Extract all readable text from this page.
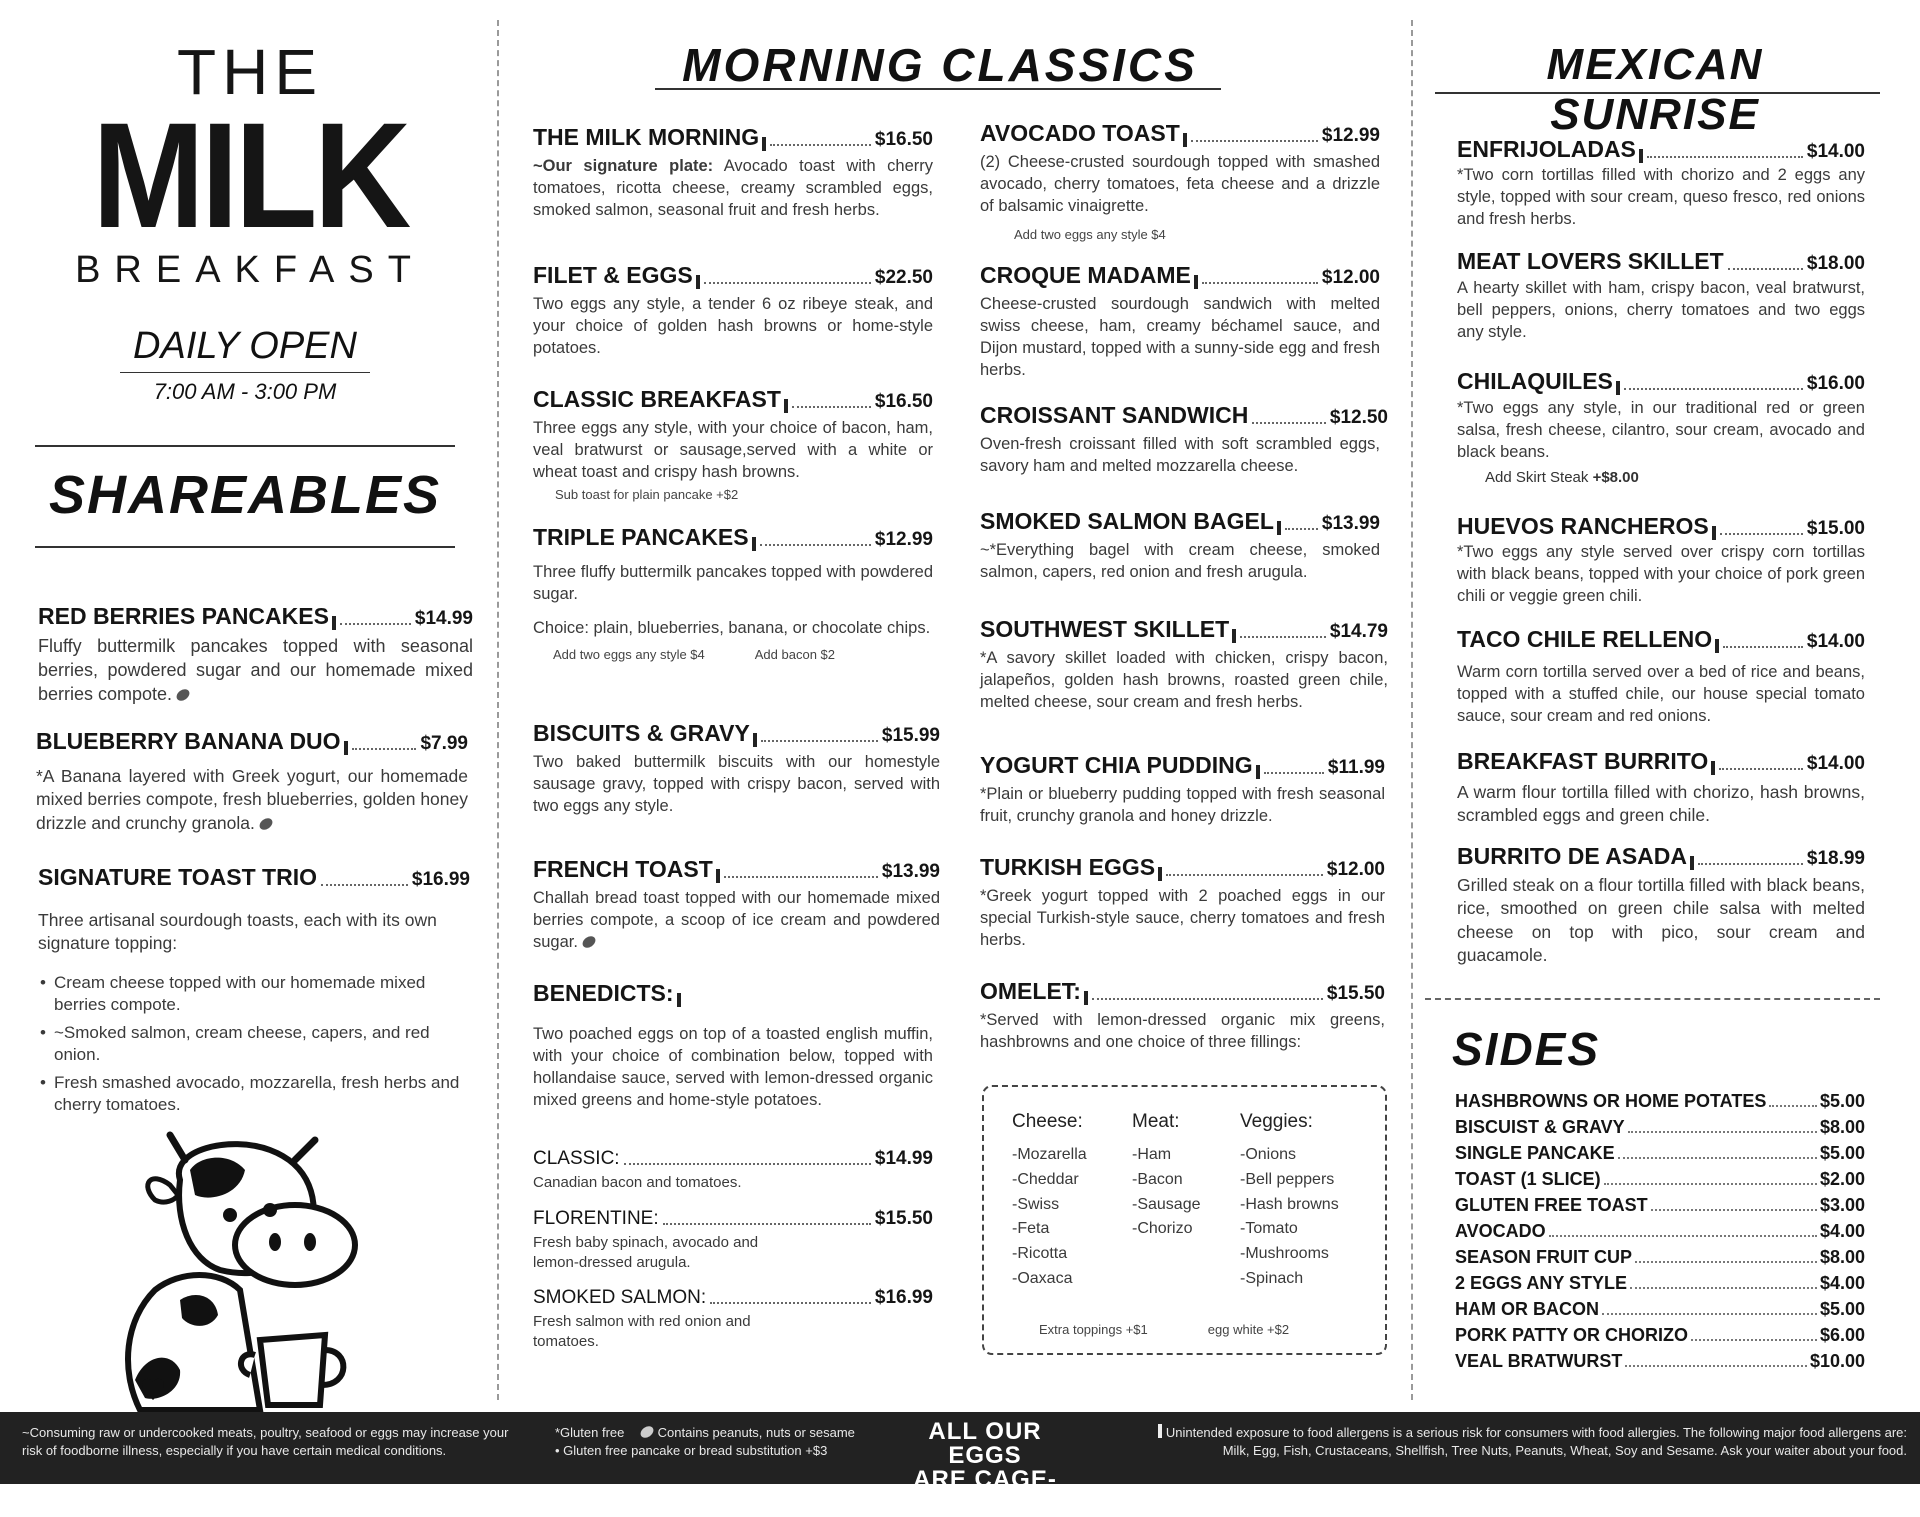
THE
MILK
BREAKFAST
DAILY OPEN
7:00 AM - 3:00 PM
SHAREABLES
RED BERRIES PANCAKES	$14.99
Fluffy buttermilk pancakes topped with seasonal berries, powdered sugar and our homemade mixed berries compote.
BLUEBERRY BANANA DUO	$7.99
*A Banana layered with Greek yogurt, our homemade mixed berries compote, fresh blueberries, golden honey drizzle and crunchy granola.
SIGNATURE TOAST TRIO	$16.99
Three artisanal sourdough toasts, each with its own signature topping:
• Cream cheese topped with our homemade mixed berries compote.
• ~Smoked salmon, cream cheese, capers, and red onion.
• Fresh smashed avocado, mozzarella, fresh herbs and cherry tomatoes.
MORNING CLASSICS
THE MILK MORNING	$16.50
~Our signature plate: Avocado toast with cherry tomatoes, ricotta cheese, creamy scrambled eggs, smoked salmon, seasonal fruit and fresh herbs.
FILET & EGGS	$22.50
Two eggs any style, a tender 6 oz ribeye steak, and your choice of golden hash browns or home-style potatoes.
CLASSIC BREAKFAST	$16.50
Three eggs any style, with your choice of bacon, ham, veal bratwurst or sausage,served with a white or wheat toast and crispy hash browns.
Sub toast for plain pancake +$2
TRIPLE PANCAKES	$12.99
Three fluffy buttermilk pancakes topped with powdered sugar.
Choice: plain, blueberries, banana, or chocolate chips.
Add two eggs any style $4	Add bacon $2
BISCUITS & GRAVY	$15.99
Two baked buttermilk biscuits with our homestyle sausage gravy, topped with crispy bacon, served with two eggs any style.
FRENCH TOAST	$13.99
Challah bread toast topped with our homemade mixed berries compote, a scoop of ice cream and powdered sugar.
BENEDICTS:
Two poached eggs on top of a toasted english muffin, with your choice of combination below, topped with hollandaise sauce, served with lemon-dressed organic mixed greens and home-style potatoes.
CLASSIC:	$14.99
Canadian bacon and tomatoes.
FLORENTINE:	$15.50
Fresh baby spinach, avocado and lemon-dressed arugula.
SMOKED SALMON:	$16.99
Fresh salmon with red onion and tomatoes.
AVOCADO TOAST	$12.99
(2) Cheese-crusted sourdough topped with smashed avocado, cherry tomatoes, feta cheese and a drizzle of balsamic vinaigrette.
Add two eggs any style $4
CROQUE MADAME	$12.00
Cheese-crusted sourdough sandwich with melted swiss cheese, ham, creamy béchamel sauce, and Dijon mustard, topped with a sunny-side egg and fresh herbs.
CROISSANT SANDWICH	$12.50
Oven-fresh croissant filled with soft scrambled eggs, savory ham and melted mozzarella cheese.
SMOKED SALMON BAGEL	$13.99
~*Everything bagel with cream cheese, smoked salmon, capers, red onion and fresh arugula.
SOUTHWEST SKILLET	$14.79
*A savory skillet loaded with chicken, crispy bacon, jalapeños, golden hash browns, roasted green chile, melted cheese, sour cream and fresh herbs.
YOGURT CHIA PUDDING	$11.99
*Plain or blueberry pudding topped with fresh seasonal fruit, crunchy granola and honey drizzle.
TURKISH EGGS	$12.00
*Greek yogurt topped with 2 poached eggs in our special Turkish-style sauce, cherry tomatoes and fresh herbs.
OMELET:	$15.50
*Served with lemon-dressed organic mix greens, hashbrowns and one choice of three fillings:
Cheese:
-Mozarella
-Cheddar
-Swiss
-Feta
-Ricotta
-Oaxaca
Meat:
-Ham
-Bacon
-Sausage
-Chorizo
Veggies:
-Onions
-Bell peppers
-Hash browns
-Tomato
-Mushrooms
-Spinach
Extra toppings +$1	egg white +$2
MEXICAN SUNRISE
ENFRIJOLADAS	$14.00
*Two corn tortillas filled with chorizo and 2 eggs any style, topped with sour cream, queso fresco, red onions and fresh herbs.
MEAT LOVERS SKILLET	$18.00
A hearty skillet with ham, crispy bacon, veal bratwurst, bell peppers, onions, cherry tomatoes and two eggs any style.
CHILAQUILES	$16.00
*Two eggs any style, in our traditional red or green salsa, fresh cheese, cilantro, sour cream, avocado and black beans.
Add Skirt Steak +$8.00
HUEVOS RANCHEROS	$15.00
*Two eggs any style served over crispy corn tortillas with black beans, topped with your choice of pork green chili or veggie green chili.
TACO CHILE RELLENO	$14.00
Warm corn tortilla served over a bed of rice and beans, topped with a stuffed chile, our house special tomato sauce, sour cream and red onions.
BREAKFAST BURRITO	$14.00
A warm flour tortilla filled with chorizo, hash browns, scrambled eggs and green chile.
BURRITO DE ASADA	$18.99
Grilled steak on a flour tortilla filled with black beans, rice, smoothed on green chile salsa with melted cheese on top with pico, sour cream and guacamole.
SIDES
HASHBROWNS OR HOME POTATES	$5.00
BISCUIST & GRAVY	$8.00
SINGLE PANCAKE	$5.00
TOAST (1 SLICE)	$2.00
GLUTEN FREE TOAST	$3.00
AVOCADO	$4.00
SEASON FRUIT CUP	$8.00
2 EGGS ANY STYLE	$4.00
HAM OR BACON	$5.00
PORK PATTY OR CHORIZO	$6.00
VEAL BRATWURST	$10.00
~Consuming raw or undercooked meats, poultry, seafood or eggs may increase your
risk of foodborne illness, especially if you have certain medical conditions.
*Gluten free	Contains peanuts, nuts or sesame
• Gluten free pancake or bread substitution +$3
ALL OUR EGGS
ARE CAGE-FREE
Unintended exposure to food allergens is a serious risk for consumers with food allergies. The following major food allergens are:
Milk, Egg, Fish, Crustaceans, Shellfish, Tree Nuts, Peanuts, Wheat, Soy and Sesame. Ask your waiter about your food.
